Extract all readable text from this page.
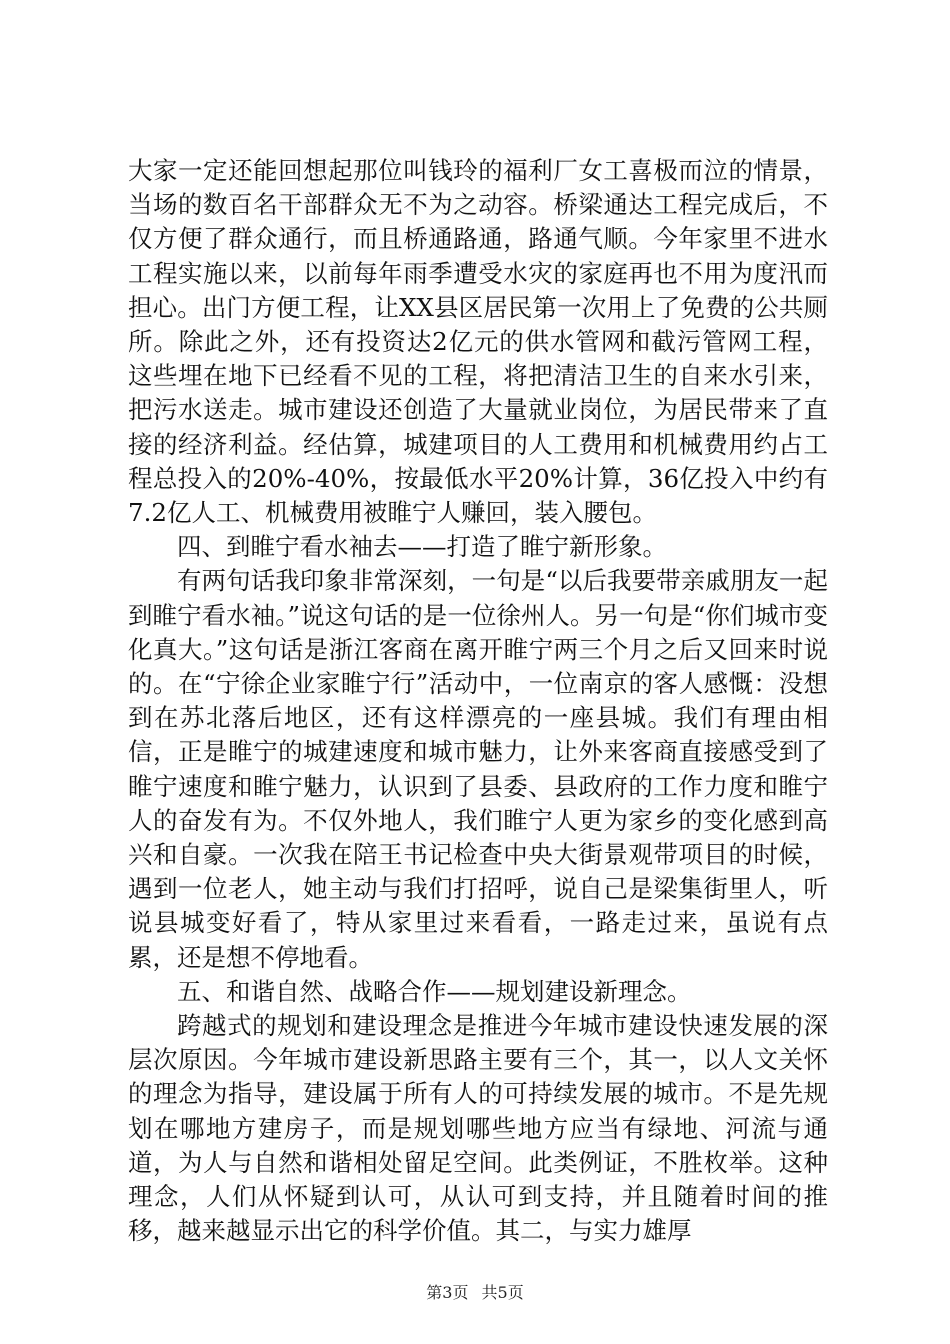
大家一定还能回想起那位叫钱玲的福利厂女工喜极而泣的情景，当场的数百名干部群众无不为之动容。桥梁通达工程完成后，不仅方便了群众通行，而且桥通路通，路通气顺。今年家里不进水工程实施以来，以前每年雨季遭受水灾的家庭再也不用为度汛而担心。出门方便工程，让XX县区居民第一次用上了免费的公共厕所。除此之外，还有投资达2亿元的供水管网和截污管网工程，这些埋在地下已经看不见的工程，将把清洁卫生的自来水引来，把污水送走。城市建设还创造了大量就业岗位，为居民带来了直接的经济利益。经估算，城建项目的人工费用和机械费用约占工程总投入的20%-40%，按最低水平20%计算，36亿投入中约有7.2亿人工、机械费用被睢宁人赚回，装入腰包。

四、到睢宁看水袖去——打造了睢宁新形象。

有两句话我印象非常深刻，一句是“以后我要带亲戚朋友一起到睢宁看水袖。”说这句话的是一位徐州人。另一句是“你们城市变化真大。”这句话是浙江客商在离开睢宁两三个月之后又回来时说的。在“宁徐企业家睢宁行”活动中，一位南京的客人感慨：没想到在苏北落后地区，还有这样漂亮的一座县城。我们有理由相信，正是睢宁的城建速度和城市魅力，让外来客商直接感受到了睢宁速度和睢宁魅力，认识到了县委、县政府的工作力度和睢宁人的奋发有为。不仅外地人，我们睢宁人更为家乡的变化感到高兴和自豪。一次我在陪王书记检查中央大街景观带项目的时候，遇到一位老人，她主动与我们打招呼，说自己是梁集街里人，听说县城变好看了，特从家里过来看看，一路走过来，虽说有点累，还是想不停地看。

五、和谐自然、战略合作——规划建设新理念。

跨越式的规划和建设理念是推进今年城市建设快速发展的深层次原因。今年城市建设新思路主要有三个，其一，以人文关怀的理念为指导，建设属于所有人的可持续发展的城市。不是先规划在哪地方建房子，而是规划哪些地方应当有绿地、河流与通道，为人与自然和谐相处留足空间。此类例证，不胜枚举。这种理念，人们从怀疑到认可，从认可到支持，并且随着时间的推移，越来越显示出它的科学价值。其二，与实力雄厚

第3页 共5页
